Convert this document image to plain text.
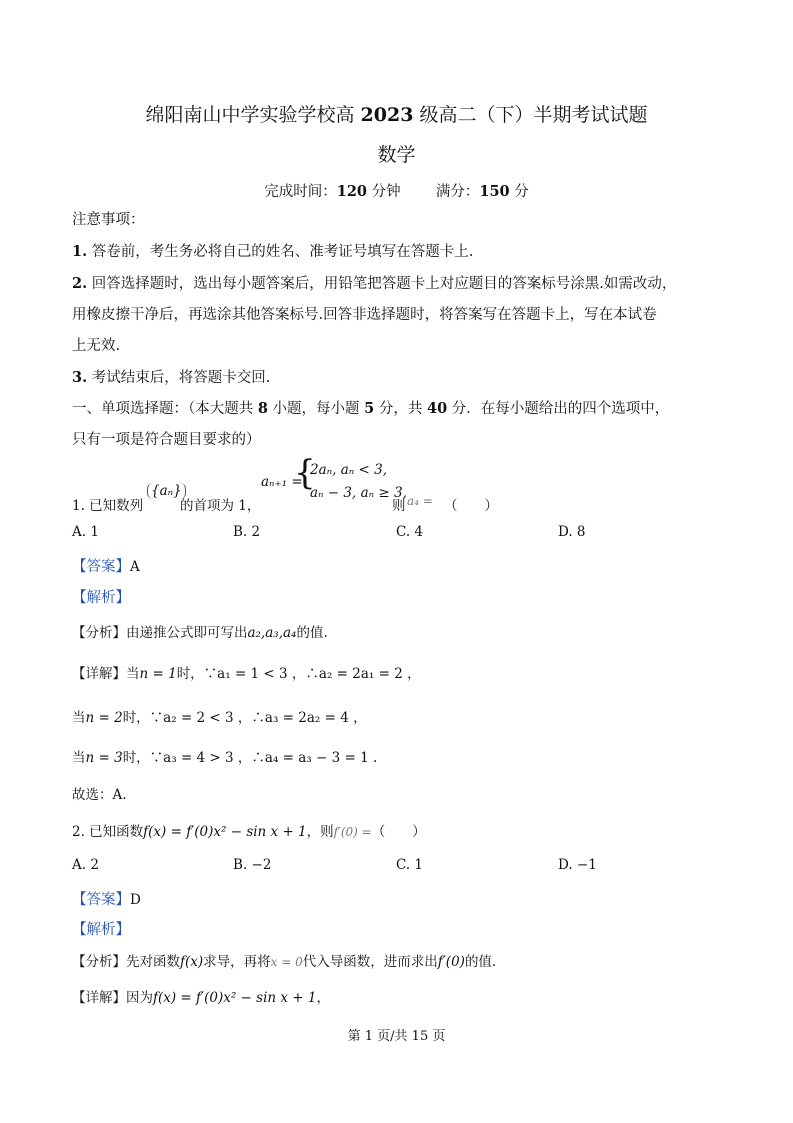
绵阳南山中学实验学校高 2023 级高二（下）半期考试试题
数学
完成时间：120 分钟 满分：150 分
注意事项：
1. 答卷前，考生务必将自己的姓名、准考证号填写在答题卡上.
2. 回答选择题时，选出每小题答案后，用铅笔把答题卡上对应题目的答案标号涂黑.如需改动，
用橡皮擦干净后，再选涂其他答案标号.回答非选择题时，将答案写在答题卡上，写在本试卷
上无效.
3. 考试结束后，将答题卡交回.
一、单项选择题：（本大题共 8 小题，每小题 5 分，共 40 分．在每小题给出的四个选项中，
只有一项是符合题目要求的）
1. 已知数列
{aₙ}
的首项为 1，
aₙ₊₁ =
{
2aₙ, aₙ < 3,
aₙ − 3, aₙ ≥ 3,
则 a₄ = （　　）
A. 1	B. 2	C. 4	D. 8
【答案】A
【解析】
【分析】由递推公式即可写出a₂,a₃,a₄的值.
【详解】当n = 1时，∵a₁ = 1 < 3 ，∴a₂ = 2a₁ = 2 ，
当n = 2时，∵a₂ = 2 < 3 ，∴a₃ = 2a₂ = 4 ，
当n = 3时，∵a₃ = 4 > 3 ，∴a₄ = a₃ − 3 = 1 .
故选：A.
2. 已知函数f(x) = f′(0)x² − sin x + 1，则f′(0) =（　　）
A. 2	B. −2	C. 1	D. −1
【答案】D
【解析】
【分析】先对函数f(x)求导，再将x = 0代入导函数，进而求出f′(0)的值.
【详解】因为f(x) = f′(0)x² − sin x + 1，
第 1 页/共 15 页
